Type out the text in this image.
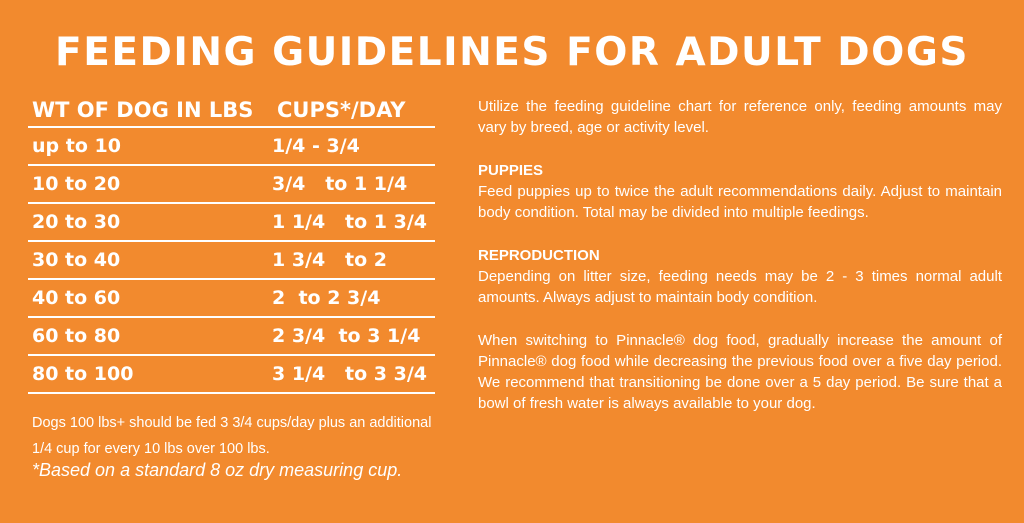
FEEDING GUIDELINES FOR ADULT DOGS
WT OF DOG IN LBS	CUPS*/DAY
up to 10	1/4 - 3/4
10 to 20	3/4   to 1 1/4
20 to 30	1 1/4   to 1 3/4
30 to 40	1 3/4   to 2
40 to 60	2  to 2 3/4
60 to 80	2 3/4  to 3 1/4
80 to 100	3 1/4   to 3 3/4
Dogs 100 lbs+ should be fed 3 3/4 cups/day plus an additional 1/4 cup for every 10 lbs over 100 lbs.
*Based on a standard 8 oz dry measuring cup.

Utilize the feeding guideline chart for reference only, feeding amounts may vary by breed, age or activity level.

PUPPIES
Feed puppies up to twice the adult recommendations daily. Adjust to maintain body condition. Total may be divided into multiple feedings.

REPRODUCTION
Depending on litter size, feeding needs may be 2 - 3 times normal adult amounts. Always adjust to maintain body condition.

When switching to Pinnacle® dog food, gradually increase the amount of Pinnacle® dog food while decreasing the previous food over a five day period. We recommend that transitioning be done over a 5 day period. Be sure that a bowl of fresh water is always available to your dog.
